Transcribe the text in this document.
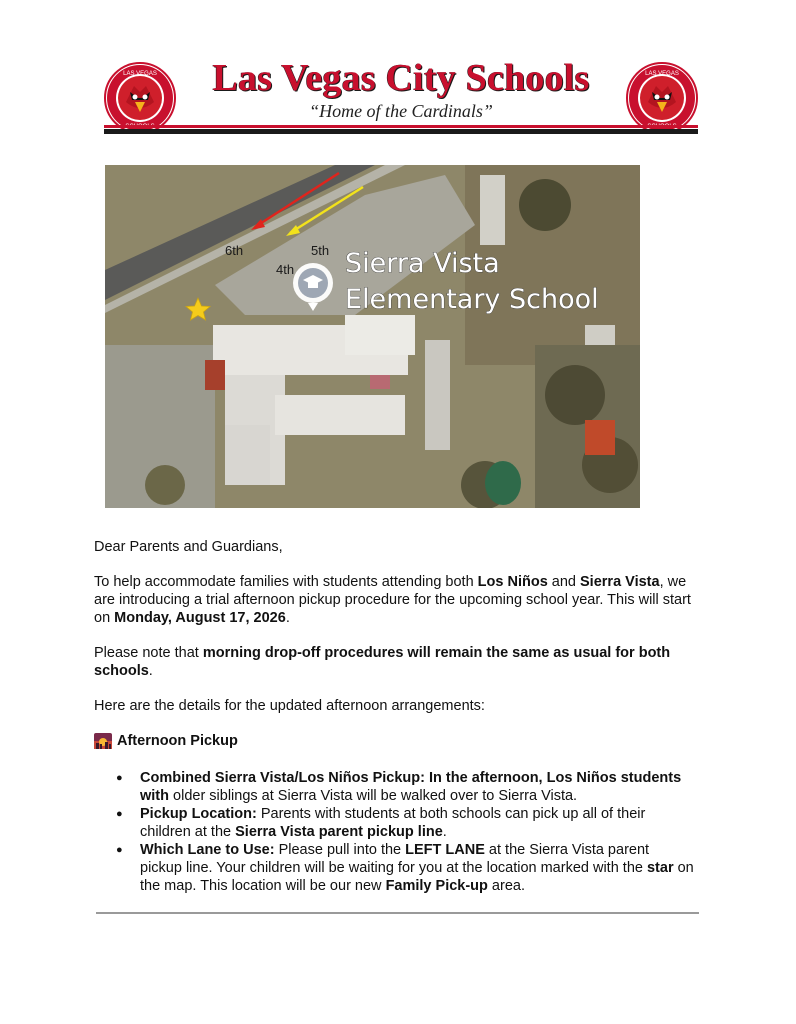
LAS VEGAS	Las Vegas City Schools
“Home of the Cardinals”
LAS VEGAS
6th	5th
4th Sierra Vista
Elementary School

Dear Parents and Guardians,

To help accommodate families with students attending both Los Niños and Sierra Vista, we are introducing a trial afternoon pickup procedure for the upcoming school year. This will start on Monday, August 17, 2026.

Please note that morning drop-off procedures will remain the same as usual for both schools.

Here are the details for the updated afternoon arrangements:

Afternoon Pickup
● Combined Sierra Vista/Los Niños Pickup: In the afternoon, Los Niños students with older siblings at Sierra Vista will be walked over to Sierra Vista.
● Pickup Location: Parents with students at both schools can pick up all of their children at the Sierra Vista parent pickup line.
● Which Lane to Use: Please pull into the LEFT LANE at the Sierra Vista parent pickup line. Your children will be waiting for you at the location marked with the star on the map. This location will be our new Family Pick-up area.
